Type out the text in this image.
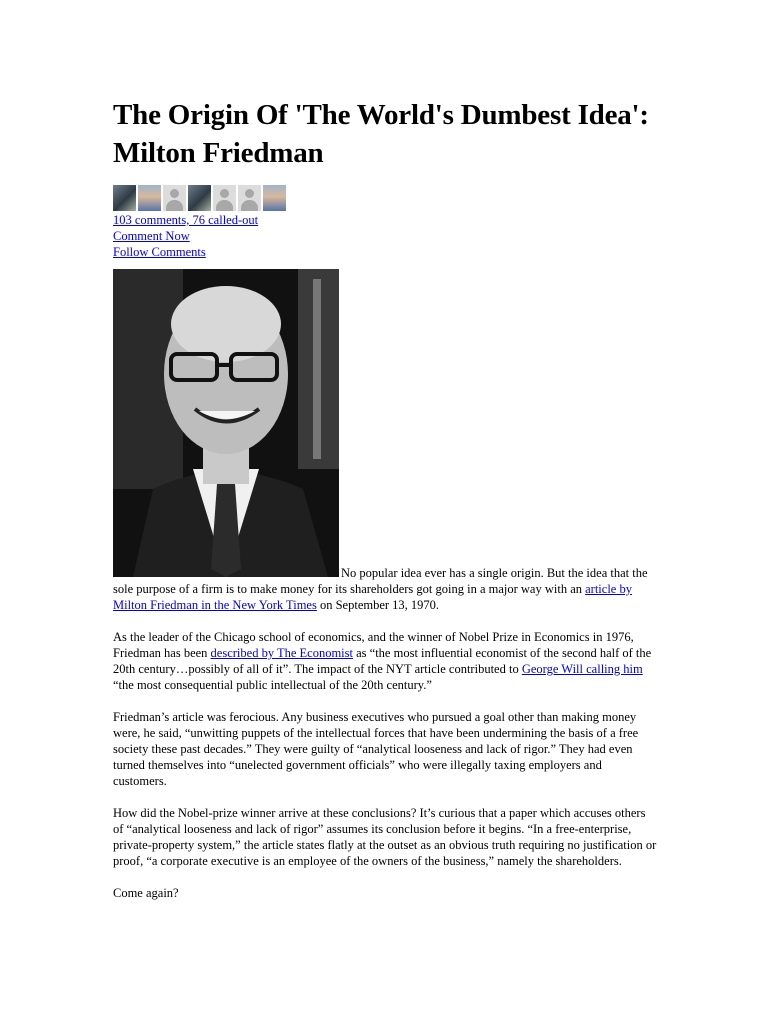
The Origin Of 'The World's Dumbest Idea': Milton Friedman
103 comments, 76 called-out
Comment Now
Follow Comments

No popular idea ever has a single origin. But the idea that the sole purpose of a firm is to make money for its shareholders got going in a major way with an article by Milton Friedman in the New York Times on September 13, 1970.

As the leader of the Chicago school of economics, and the winner of Nobel Prize in Economics in 1976, Friedman has been described by The Economist as “the most influential economist of the second half of the 20th century…possibly of all of it”. The impact of the NYT article contributed to George Will calling him “the most consequential public intellectual of the 20th century.”

Friedman’s article was ferocious. Any business executives who pursued a goal other than making money were, he said, “unwitting puppets of the intellectual forces that have been undermining the basis of a free society these past decades.” They were guilty of “analytical looseness and lack of rigor.” They had even turned themselves into “unelected government officials” who were illegally taxing employers and customers.

How did the Nobel-prize winner arrive at these conclusions? It’s curious that a paper which accuses others of “analytical looseness and lack of rigor” assumes its conclusion before it begins. “In a free-enterprise, private-property system,” the article states flatly at the outset as an obvious truth requiring no justification or proof, “a corporate executive is an employee of the owners of the business,” namely the shareholders.

Come again?
